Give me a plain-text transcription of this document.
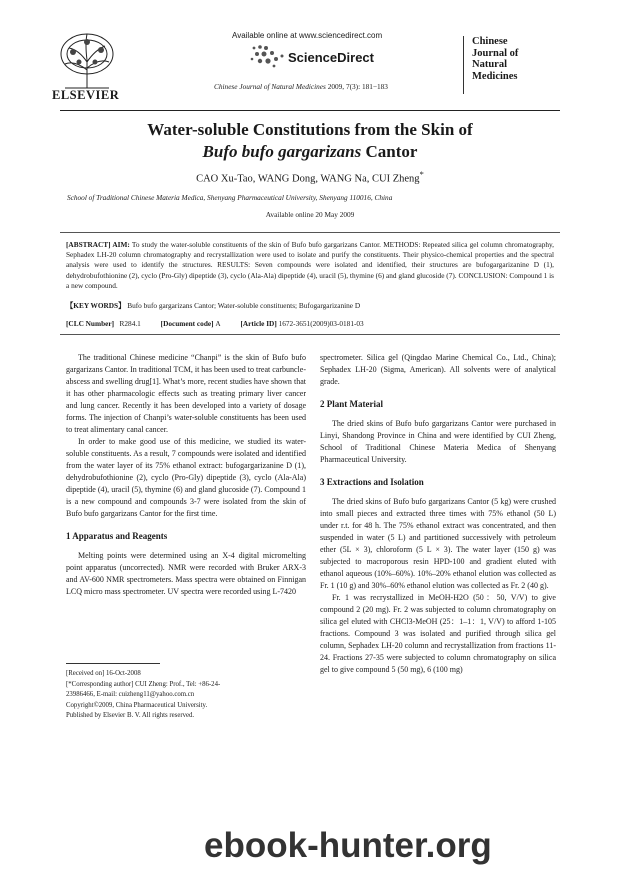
ELSEVIER
Available online at www.sciencedirect.com
ScienceDirect
Chinese Journal of Natural Medicines 2009, 7(3): 181−183
Chinese
Journal of
Natural
Medicines
Water-soluble Constitutions from the Skin of
Bufo bufo gargarizans Cantor
CAO Xu-Tao, WANG Dong, WANG Na, CUI Zheng*
School of Traditional Chinese Materia Medica, Shenyang Pharmaceutical University, Shenyang 110016, China
Available online 20 May 2009
[ABSTRACT] AIM: To study the water-soluble constituents of the skin of Bufo bufo gargarizans Cantor. METHODS: Repeated silica gel column chromatography, Sephadex LH-20 column chromatography and recrystallization were used to isolate and purify the constituents. Their physico-chemical properties and the spectral analysis were used to identify the structures. RESULTS: Seven compounds were isolated and identified, their structures are bufogargarizanine D (1), dehydrobufothionine (2), cyclo (Pro-Gly) dipeptide (3), cyclo (Ala-Ala) dipeptide (4), uracil (5), thymine (6) and gland glucoside (7). CONCLUSION: Compound 1 is a new compound.
【KEY WORDS】 Bufo bufo gargarizans Cantor; Water-soluble constituents; Bufogargarizanine D
[CLC Number] R284.1	[Document code] A	[Article ID] 1672-3651(2009)03-0181-03

The traditional Chinese medicine “Chanpi” is the skin of Bufo bufo gargarizans Cantor. In traditional TCM, it has been used to treat carbuncle-abscess and swelling drug[1]. What’s more, recent studies have shown that it has other pharmacologic effects such as treating primary liver cancer and lung cancer. Recently it has been developed into a variety of dosage forms. The injection of Chanpi’s water-soluble constituents has been used to treat alimentary canal cancer.

In order to make good use of this medicine, we studied its water-soluble constituents. As a result, 7 compounds were isolated and identified from the water layer of its 75% ethanol extract: bufogargarizanine D (1), dehydrobufothionine (2), cyclo (Pro-Gly) dipeptide (3), cyclo (Ala-Ala) dipeptide (4), uracil (5), thymine (6) and gland glucoside (7). Compound 1 is a new compound and compounds 3-7 were isolated from the skin of Bufo bufo gargarizans Cantor for the first time.

1 Apparatus and Reagents

Melting points were determined using an X-4 digital micromelting point apparatus (uncorrected). NMR were recorded with Bruker ARX-3 and AV-600 NMR spectrometers. Mass spectra were obtained on Finnigan LCQ micro mass spectrometer. UV spectra were recorded using L-7420

[Received on] 16-Oct-2008
[*Corresponding author] CUI Zheng: Prof., Tel: +86-24-
23986466, E-mail: cuizheng11@yahoo.com.cn
Copyright©2009, China Pharmaceutical University.
Published by Elsevier B. V. All rights reserved.

spectrometer. Silica gel (Qingdao Marine Chemical Co., Ltd., China); Sephadex LH-20 (Sigma, American). All solvents were of analytical grade.

2 Plant Material

The dried skins of Bufo bufo gargarizans Cantor were purchased in Linyi, Shandong Province in China and were identified by CUI Zheng, School of Traditional Chinese Materia Medica of Shenyang Pharmaceutical University.

3 Extractions and Isolation

The dried skins of Bufo bufo gargarizans Cantor (5 kg) were crushed into small pieces and extracted three times with 75% ethanol (50 L) under r.t. for 48 h. The 75% ethanol extract was concentrated, and then suspended in water (5 L) and partitioned successively with petroleum ether (5L × 3), chloroform (5 L × 3). The water layer (150 g) was subjected to macroporous resin HPD-100 and gradient eluted with ethanol aqueous (10%–60%). 10%–20% ethanol elution was collected as Fr. 1 (10 g) and 30%–60% ethanol elution was collected as Fr. 2 (40 g).

Fr. 1 was recrystallized in MeOH-H2O (50：50, V/V) to give compound 2 (20 mg). Fr. 2 was subjected to column chromatography on silica gel eluted with CHCl3-MeOH (25：1–1：1, V/V) to afford 1-105 fractions. Compound 3 was isolated and purified through silica gel column, Sephadex LH-20 column and recrystallization from fractions 11-24. Fractions 27-35 were subjected to column chromatography on silica gel to give compound 5 (50 mg), 6 (100 mg)

ebook-hunter.org
